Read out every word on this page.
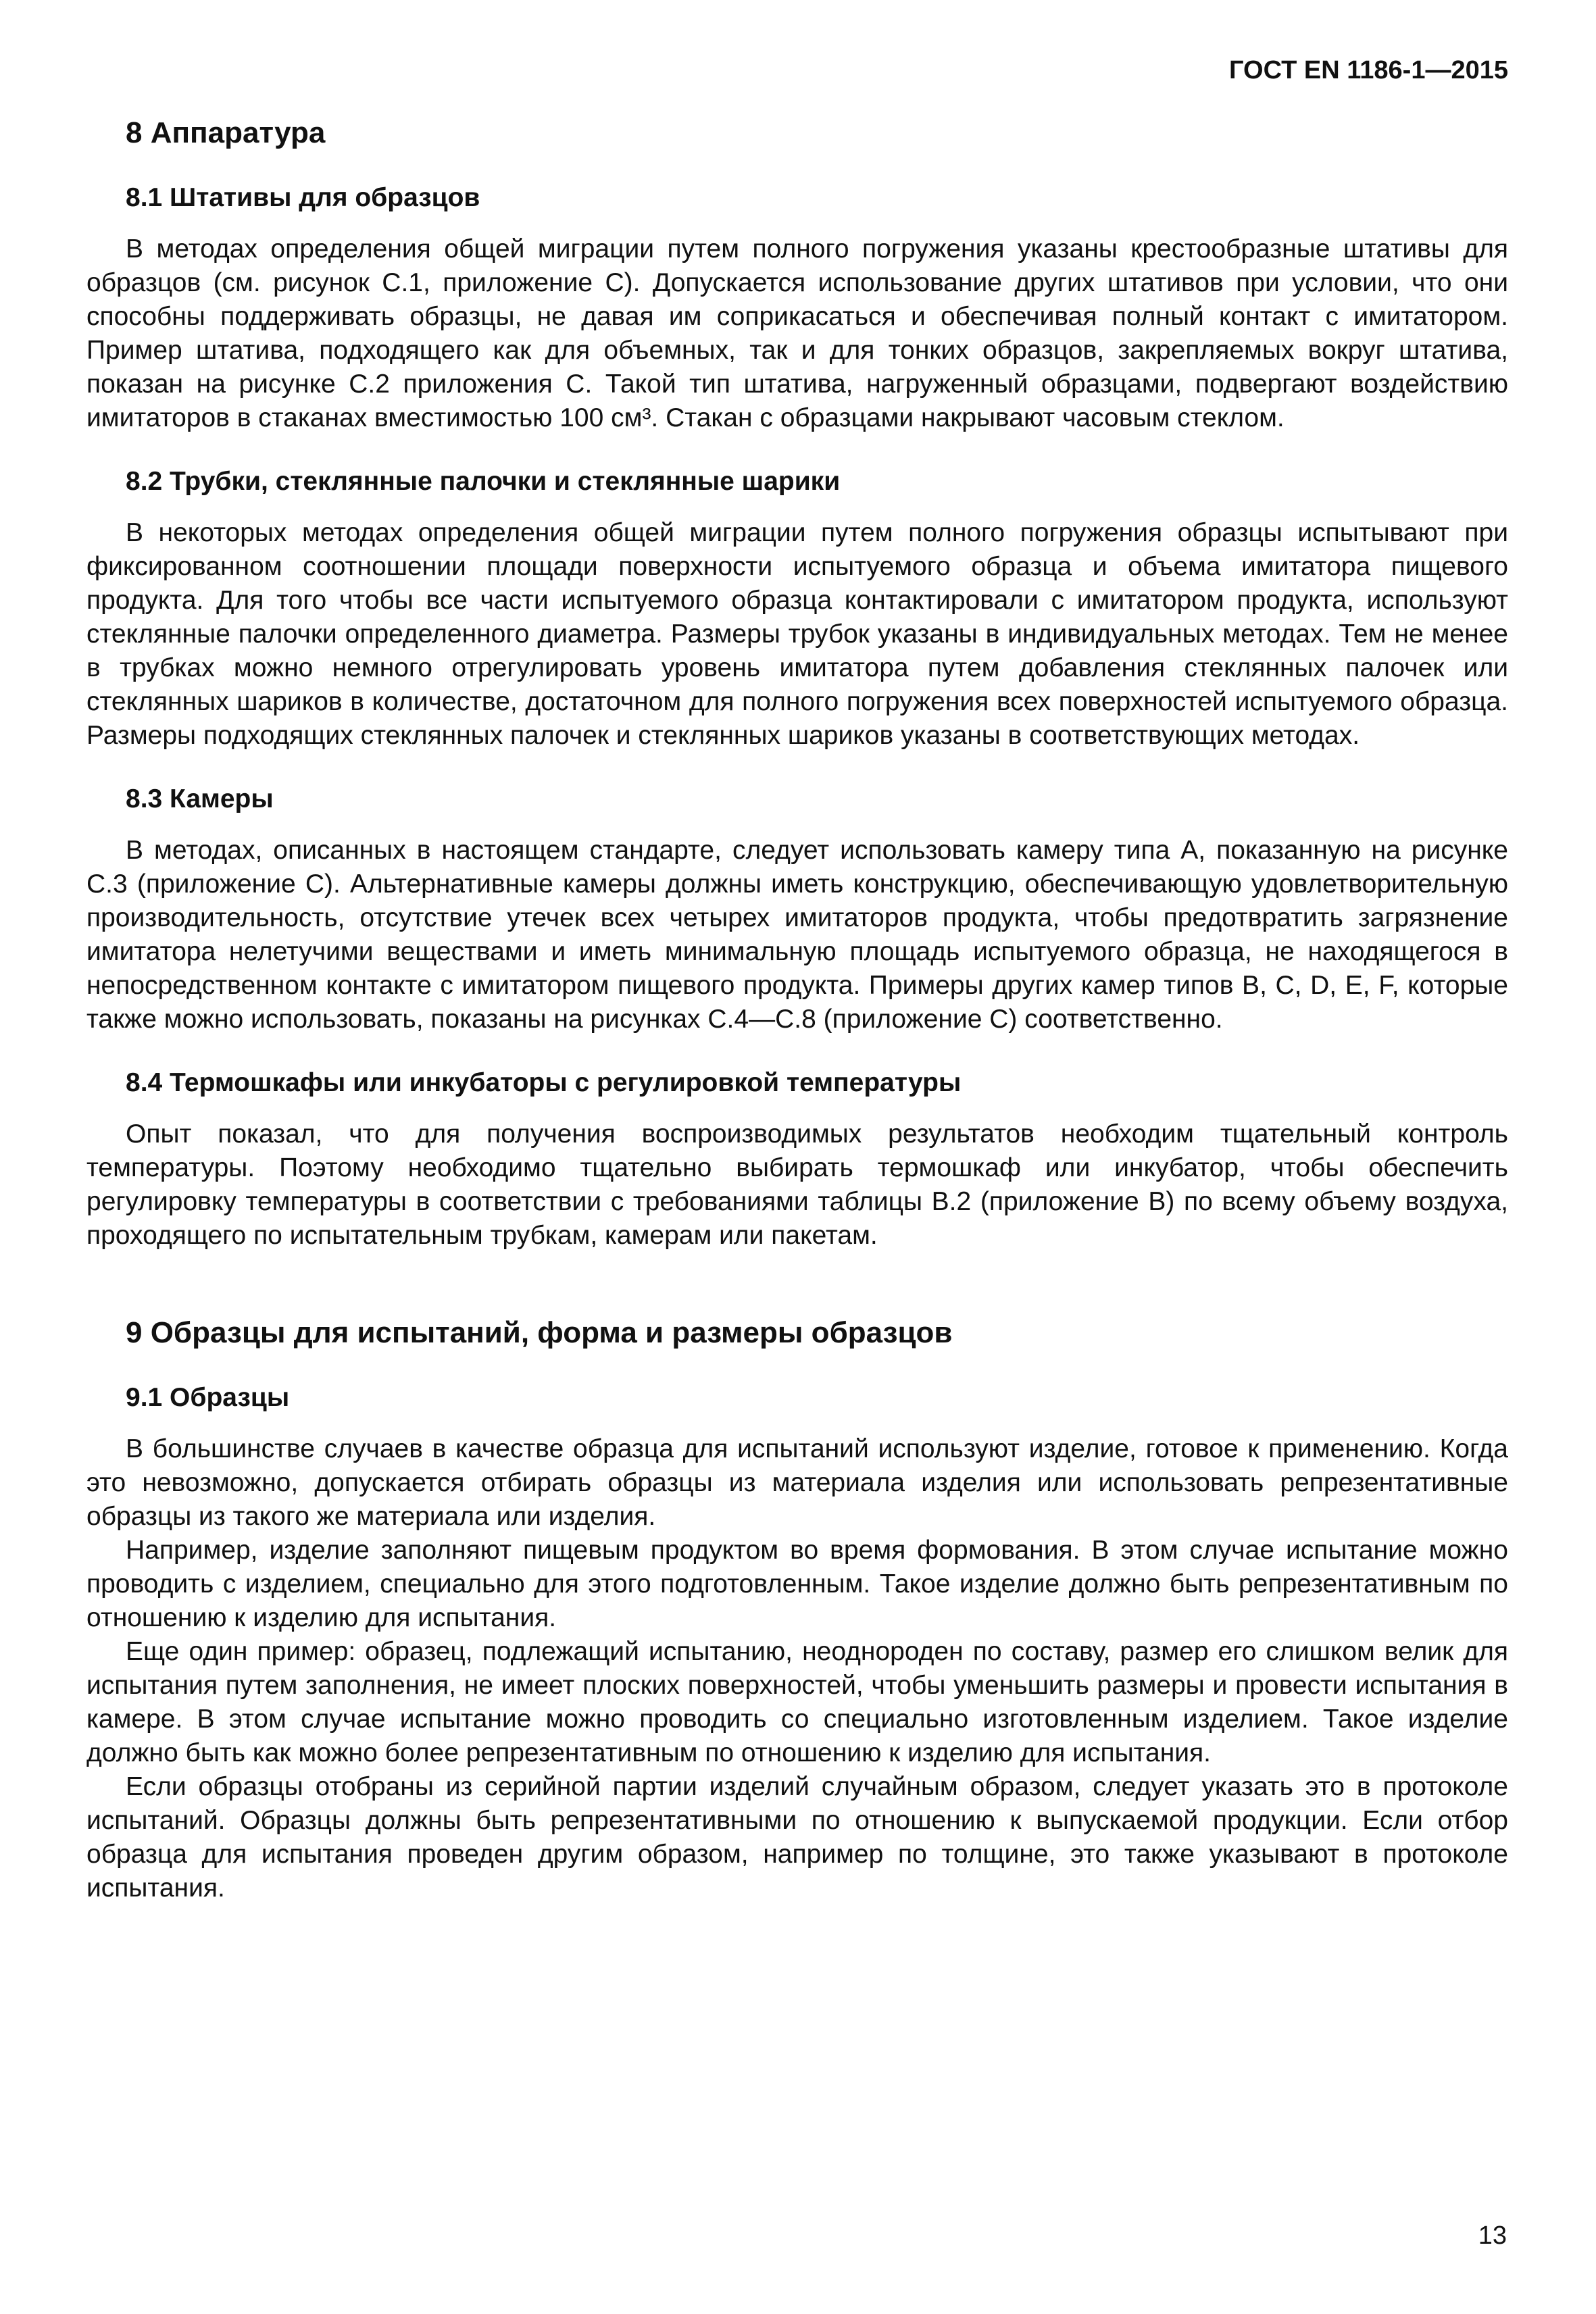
ГОСТ EN 1186-1—2015
8 Аппаратура
8.1 Штативы для образцов
В методах определения общей миграции путем полного погружения указаны крестообразные штативы для образцов (см. рисунок С.1, приложение С). Допускается использование других штативов при условии, что они способны поддерживать образцы, не давая им соприкасаться и обеспечивая полный контакт с имитатором. Пример штатива, подходящего как для объемных, так и для тонких образцов, закрепляемых вокруг штатива, показан на рисунке С.2 приложения С. Такой тип штатива, нагруженный образцами, подвергают воздействию имитаторов в стаканах вместимостью 100 см³. Стакан с образцами накрывают часовым стеклом.
8.2 Трубки, стеклянные палочки и стеклянные шарики
В некоторых методах определения общей миграции путем полного погружения образцы испытывают при фиксированном соотношении площади поверхности испытуемого образца и объема имитатора пищевого продукта. Для того чтобы все части испытуемого образца контактировали с имитатором продукта, используют стеклянные палочки определенного диаметра. Размеры трубок указаны в индивидуальных методах. Тем не менее в трубках можно немного отрегулировать уровень имитатора путем добавления стеклянных палочек или стеклянных шариков в количестве, достаточном для полного погружения всех поверхностей испытуемого образца. Размеры подходящих стеклянных палочек и стеклянных шариков указаны в соответствующих методах.
8.3 Камеры
В методах, описанных в настоящем стандарте, следует использовать камеру типа А, показанную на рисунке С.3 (приложение С). Альтернативные камеры должны иметь конструкцию, обеспечивающую удовлетворительную производительность, отсутствие утечек всех четырех имитаторов продукта, чтобы предотвратить загрязнение имитатора нелетучими веществами и иметь минимальную площадь испытуемого образца, не находящегося в непосредственном контакте с имитатором пищевого продукта. Примеры других камер типов B, C, D, E, F, которые также можно использовать, показаны на рисунках С.4—С.8 (приложение С) соответственно.
8.4 Термошкафы или инкубаторы с регулировкой температуры
Опыт показал, что для получения воспроизводимых результатов необходим тщательный контроль температуры. Поэтому необходимо тщательно выбирать термошкаф или инкубатор, чтобы обеспечить регулировку температуры в соответствии с требованиями таблицы В.2 (приложение В) по всему объему воздуха, проходящего по испытательным трубкам, камерам или пакетам.
9 Образцы для испытаний, форма и размеры образцов
9.1 Образцы
В большинстве случаев в качестве образца для испытаний используют изделие, готовое к применению. Когда это невозможно, допускается отбирать образцы из материала изделия или использовать репрезентативные образцы из такого же материала или изделия.
Например, изделие заполняют пищевым продуктом во время формования. В этом случае испытание можно проводить с изделием, специально для этого подготовленным. Такое изделие должно быть репрезентативным по отношению к изделию для испытания.
Еще один пример: образец, подлежащий испытанию, неоднороден по составу, размер его слишком велик для испытания путем заполнения, не имеет плоских поверхностей, чтобы уменьшить размеры и провести испытания в камере. В этом случае испытание можно проводить со специально изготовленным изделием. Такое изделие должно быть как можно более репрезентативным по отношению к изделию для испытания.
Если образцы отобраны из серийной партии изделий случайным образом, следует указать это в протоколе испытаний. Образцы должны быть репрезентативными по отношению к выпускаемой продукции. Если отбор образца для испытания проведен другим образом, например по толщине, это также указывают в протоколе испытания.
13
